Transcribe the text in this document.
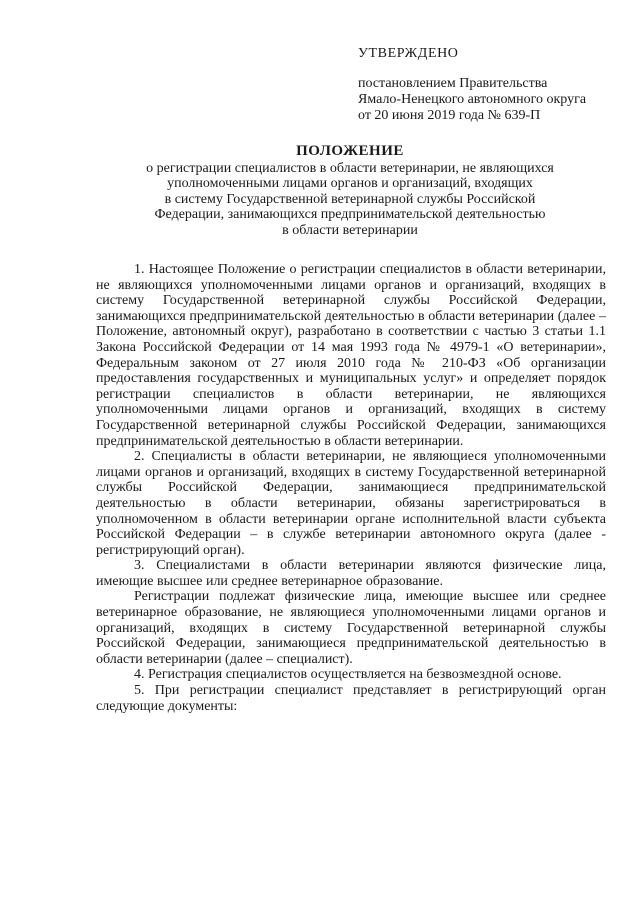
УТВЕРЖДЕНО
постановлением Правительства
Ямало-Ненецкого автономного округа
от 20 июня 2019 года № 639-П
ПОЛОЖЕНИЕ
о регистрации специалистов в области ветеринарии, не являющихся
уполномоченными лицами органов и организаций, входящих
в систему Государственной ветеринарной службы Российской
Федерации, занимающихся предпринимательской деятельностью
в области ветеринарии

1. Настоящее Положение о регистрации специалистов в области ветеринарии, не являющихся уполномоченными лицами органов и организаций, входящих в систему Государственной ветеринарной службы Российской Федерации, занимающихся предпринимательской деятельностью в области ветеринарии (далее – Положение, автономный округ), разработано в соответствии с частью 3 статьи 1.1 Закона Российской Федерации от 14 мая 1993 года № 4979-1 «О ветеринарии», Федеральным законом от 27 июля 2010 года № 210-ФЗ «Об организации предоставления государственных и муниципальных услуг» и определяет порядок регистрации специалистов в области ветеринарии, не являющихся уполномоченными лицами органов и организаций, входящих в систему Государственной ветеринарной службы Российской Федерации, занимающихся предпринимательской деятельностью в области ветеринарии.

2. Специалисты в области ветеринарии, не являющиеся уполномоченными лицами органов и организаций, входящих в систему Государственной ветеринарной службы Российской Федерации, занимающиеся предпринимательской деятельностью в области ветеринарии, обязаны зарегистрироваться в уполномоченном в области ветеринарии органе исполнительной власти субъекта Российской Федерации – в службе ветеринарии автономного округа (далее - регистрирующий орган).

3. Специалистами в области ветеринарии являются физические лица, имеющие высшее или среднее ветеринарное образование.

Регистрации подлежат физические лица, имеющие высшее или среднее ветеринарное образование, не являющиеся уполномоченными лицами органов и организаций, входящих в систему Государственной ветеринарной службы Российской Федерации, занимающиеся предпринимательской деятельностью в области ветеринарии (далее – специалист).

4. Регистрация специалистов осуществляется на безвозмездной основе.

5. При регистрации специалист представляет в регистрирующий орган следующие документы:
